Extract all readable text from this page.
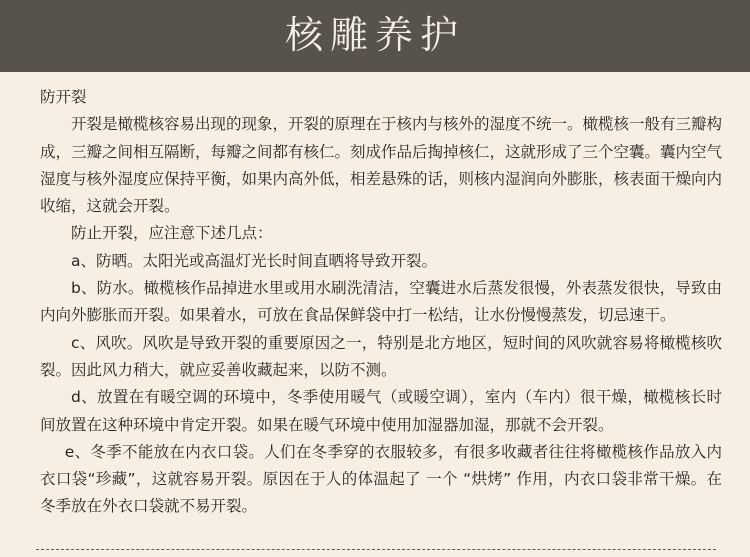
核雕养护

防开裂

开裂是橄榄核容易出现的现象，开裂的原理在于核内与核外的湿度不统一。橄榄核一般有三瓣构成，三瓣之间相互隔断，每瓣之间都有核仁。刻成作品后掏掉核仁，这就形成了三个空囊。囊内空气湿度与核外湿度应保持平衡，如果内高外低，相差悬殊的话，则核内湿润向外膨胀，核表面干燥向内收缩，这就会开裂。

防止开裂，应注意下述几点：

a、防晒。太阳光或高温灯光长时间直晒将导致开裂。

b、防水。橄榄核作品掉进水里或用水刷洗清洁，空囊进水后蒸发很慢，外表蒸发很快，导致由内向外膨胀而开裂。如果着水，可放在食品保鲜袋中打一松结，让水份慢慢蒸发，切忌速干。

c、风吹。风吹是导致开裂的重要原因之一，特别是北方地区，短时间的风吹就容易将橄榄核吹裂。因此风力稍大，就应妥善收藏起来，以防不测。

d、放置在有暖空调的环境中，冬季使用暖气（或暖空调），室内（车内）很干燥，橄榄核长时间放置在这种环境中肯定开裂。如果在暖气环境中使用加湿器加湿，那就不会开裂。

e、冬季不能放在内衣口袋。人们在冬季穿的衣服较多，有很多收藏者往往将橄榄核作品放入内衣口袋“珍藏”，这就容易开裂。原因在于人的体温起了 一个 “烘烤” 作用，内衣口袋非常干燥。在冬季放在外衣口袋就不易开裂。
